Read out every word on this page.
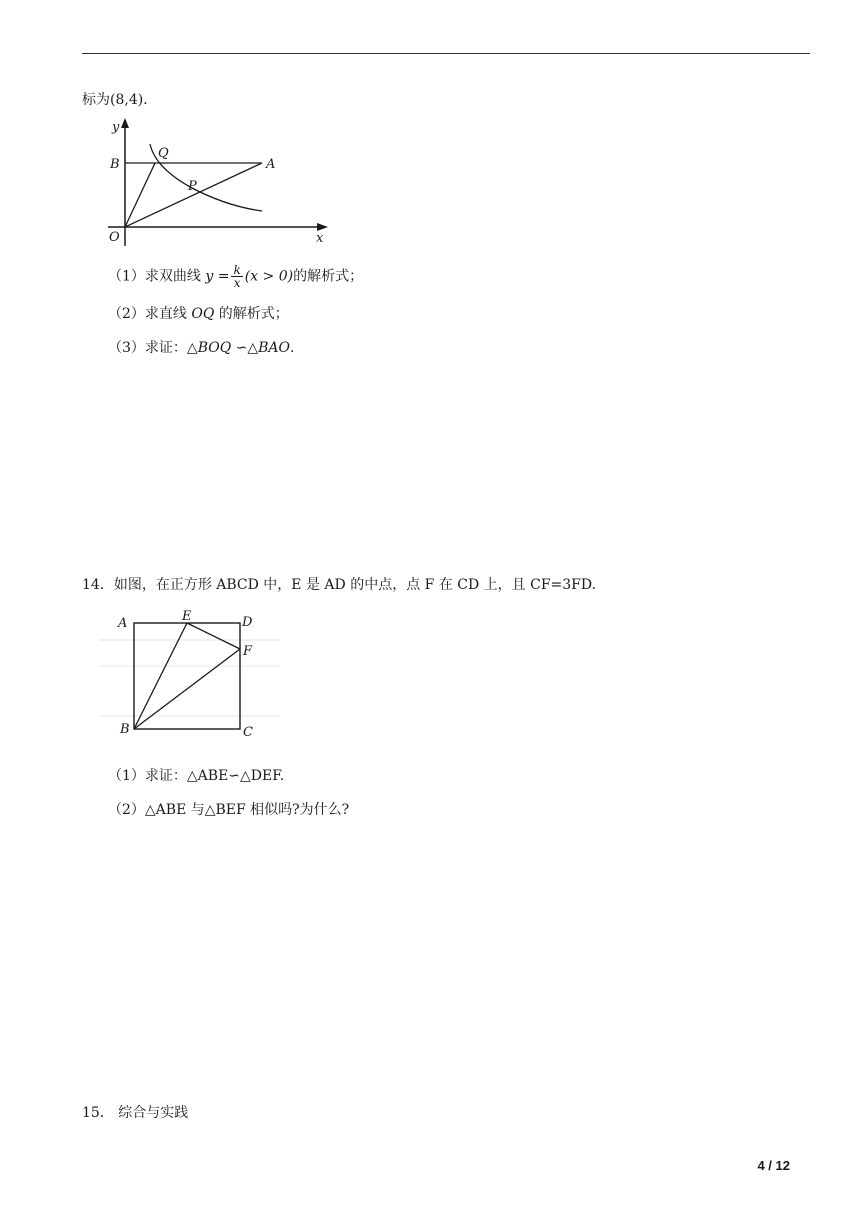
标为(8,4)．
y
B
Q
A
P
O	x
（1）求双曲线 $y = \frac{k}{x} (x > 0)$的解析式；
（2）求直线 OQ 的解析式；
（3）求证：△BOQ ∽△BAO.
14．如图，在正方形 ABCD 中，E 是 AD 的中点，点 F 在 CD 上，且 CF=3FD.
A	E	D
F
B	C
（1）求证：△ABE∽△DEF.
（2）△ABE 与△BEF 相似吗?为什么?
15． 综合与实践
4 / 12
